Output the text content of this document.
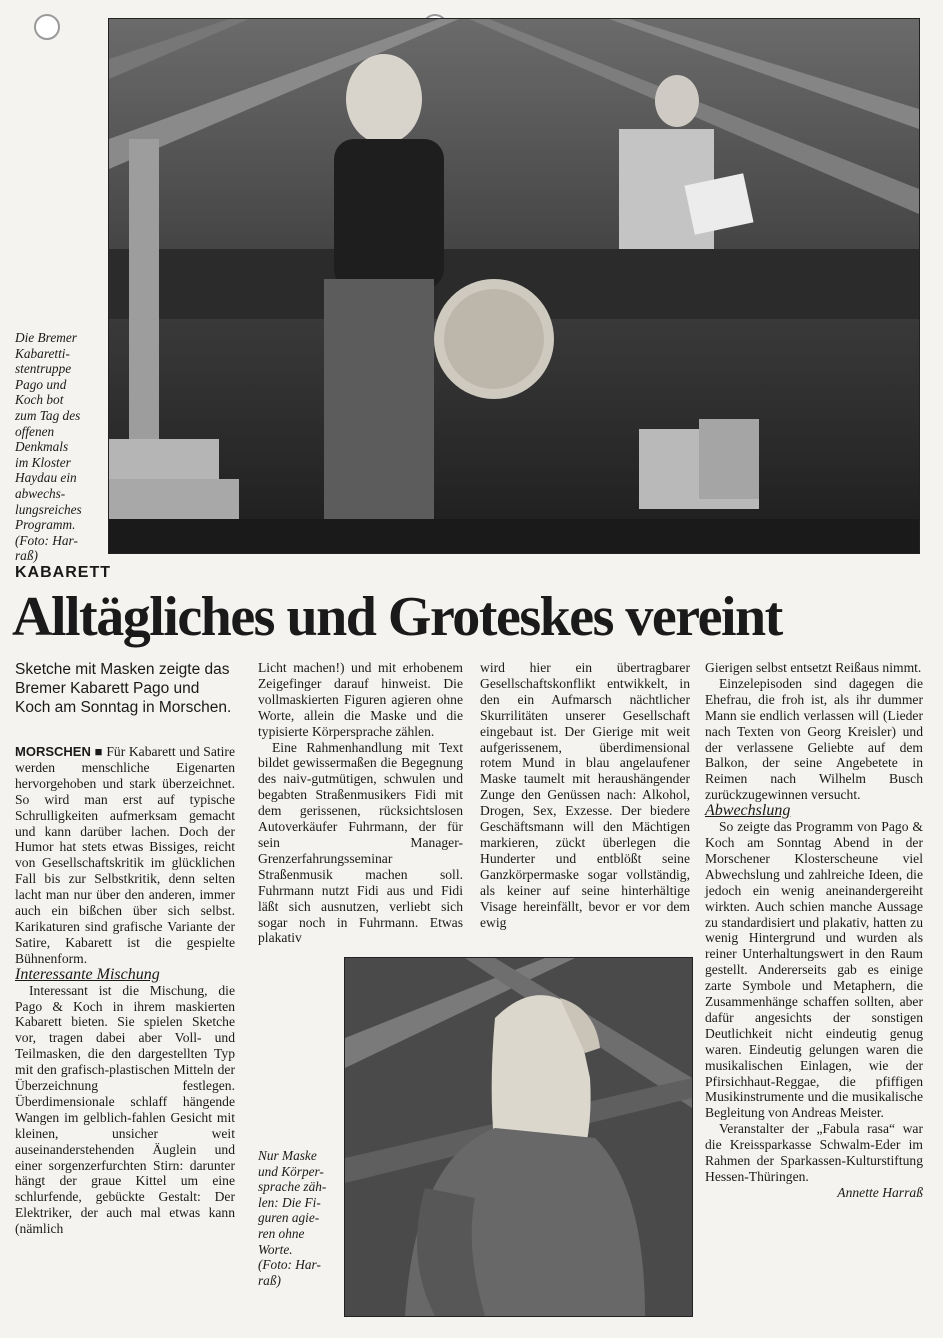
Die Bremer

Kabaretti-

stentruppe

Pago und

Koch bot

zum Tag des

offenen

Denkmals

im Kloster

Haydau ein

abwechs-

lungsreiches

Programm.

(Foto: Har-

raß)

KABARETT

Alltägliches und Groteskes vereint

Sketche mit Masken zeigte das Bremer Kabarett Pago und Koch am Sonntag in Morschen.

MORSCHEN ■ Für Kabarett und Satire werden menschliche Eigenarten hervorgehoben und stark überzeichnet. So wird man erst auf typische Schrulligkeiten aufmerksam gemacht und kann darüber lachen. Doch der Humor hat stets etwas Bissiges, reicht von Gesellschaftskritik im glücklichen Fall bis zur Selbstkritik, denn selten lacht man nur über den anderen, immer auch ein bißchen über sich selbst. Karikaturen sind grafische Variante der Satire, Kabarett ist die gespielte Bühnenform.

Interessante Mischung

Interessant ist die Mischung, die Pago & Koch in ihrem maskierten Kabarett bieten. Sie spielen Sketche vor, tragen dabei aber Voll- und Teilmasken, die den dargestellten Typ mit den grafisch-plastischen Mitteln der Überzeichnung festlegen. Überdimensionale schlaff hängende Wangen im gelblich-fahlen Gesicht mit kleinen, unsicher weit auseinanderstehenden Äuglein und einer sorgenzerfurchten Stirn: darunter hängt der graue Kittel um eine schlurfende, gebückte Gestalt: Der Elektriker, der auch mal etwas kann (nämlich

Licht machen!) und mit erhobenem Zeigefinger darauf hinweist. Die vollmaskierten Figuren agieren ohne Worte, allein die Maske und die typisierte Körpersprache zählen.

Eine Rahmenhandlung mit Text bildet gewissermaßen die Begegnung des naiv-gutmütigen, schwulen und begabten Straßenmusikers Fidi mit dem gerissenen, rücksichtslosen Autoverkäufer Fuhrmann, der für sein Manager-Grenzerfahrungsseminar Straßenmusik machen soll. Fuhrmann nutzt Fidi aus und Fidi läßt sich ausnutzen, verliebt sich sogar noch in Fuhrmann. Etwas plakativ

wird hier ein übertragbarer Gesellschaftskonflikt entwikkelt, in den ein Aufmarsch nächtlicher Skurrilitäten unserer Gesellschaft eingebaut ist. Der Gierige mit weit aufgerissenem, überdimensional rotem Mund in blau angelaufener Maske taumelt mit heraushängender Zunge den Genüssen nach: Alkohol, Drogen, Sex, Exzesse. Der biedere Geschäftsmann will den Mächtigen markieren, zückt überlegen die Hunderter und entblößt seine Ganzkörpermaske sogar vollständig, als keiner auf seine hinterhältige Visage hereinfällt, bevor er vor dem ewig

Gierigen selbst entsetzt Reißaus nimmt.

Einzelepisoden sind dagegen die Ehefrau, die froh ist, als ihr dummer Mann sie endlich verlassen will (Lieder nach Texten von Georg Kreisler) und der verlassene Geliebte auf dem Balkon, der seine Angebetete in Reimen nach Wilhelm Busch zurückzugewinnen versucht.

Abwechslung

So zeigte das Programm von Pago & Koch am Sonntag Abend in der Morschener Klosterscheune viel Abwechslung und zahlreiche Ideen, die jedoch ein wenig aneinandergereiht wirkten. Auch schien manche Aussage zu standardisiert und plakativ, hatten zu wenig Hintergrund und wurden als reiner Unterhaltungswert in den Raum gestellt. Andererseits gab es einige zarte Symbole und Metaphern, die Zusammenhänge schaffen sollten, aber dafür angesichts der sonstigen Deutlichkeit nicht eindeutig genug waren. Eindeutig gelungen waren die musikalischen Einlagen, wie der Pfirsichhaut-Reggae, die pfiffigen Musikinstrumente und die musikalische Begleitung von Andreas Meister.

Veranstalter der „Fabula rasa“ war die Kreissparkasse Schwalm-Eder im Rahmen der Sparkassen-Kulturstiftung Hessen-Thüringen.

Annette Harraß

Nur Maske

und Körper-

sprache zäh-

len: Die Fi-

guren agie-

ren ohne

Worte.

(Foto: Har-

raß)
